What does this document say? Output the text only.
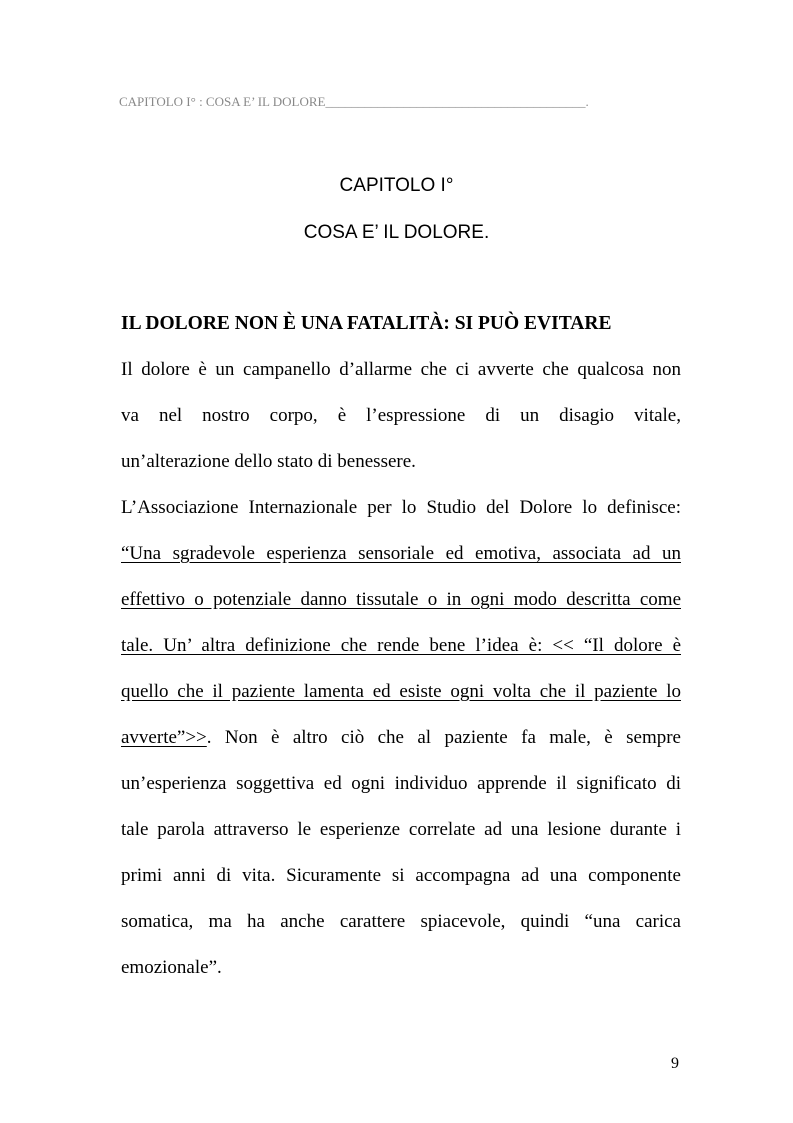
CAPITOLO I° : COSA E’ IL DOLORE________________________________________.
CAPITOLO I°
COSA E’ IL DOLORE.
IL DOLORE NON È UNA FATALITÀ: SI PUÒ EVITARE
Il dolore è un campanello d’allarme che ci avverte che qualcosa non
va nel nostro corpo, è l’espressione di un disagio vitale,
un’alterazione dello stato di benessere.
L’Associazione Internazionale per lo Studio del Dolore lo definisce:
“Una sgradevole esperienza sensoriale ed emotiva, associata ad un
effettivo o potenziale danno tissutale o in ogni modo descritta come
tale. Un’ altra definizione che rende bene l’idea è: << “Il dolore è
quello che il paziente lamenta ed esiste ogni volta che il paziente lo
avverte”>>. Non è altro ciò che al paziente fa male, è sempre
un’esperienza soggettiva ed ogni individuo apprende il significato di
tale parola attraverso le esperienze correlate ad una lesione durante i
primi anni di vita. Sicuramente si accompagna ad una componente
somatica, ma ha anche carattere spiacevole, quindi “una carica
emozionale”.
9
